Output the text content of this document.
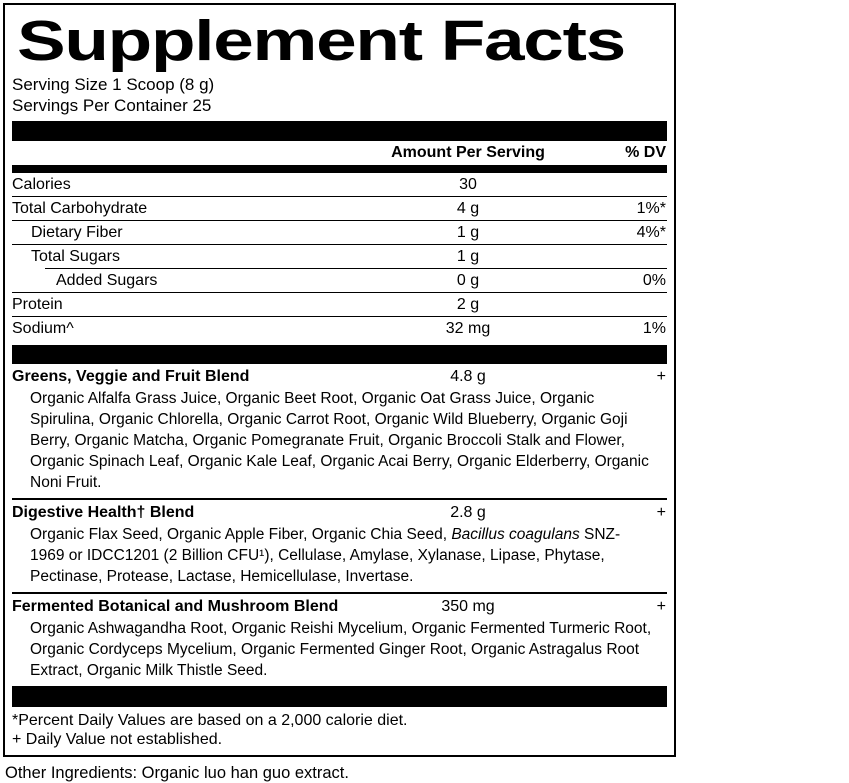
Supplement Facts
Serving Size 1 Scoop (8 g)
Servings Per Container 25
Amount Per Serving	% DV
Calories	30
Total Carbohydrate	4 g	1%*
Dietary Fiber	1 g	4%*
Total Sugars	1 g
Added Sugars	0 g	0%
Protein	2 g
Sodium^	32 mg	1%
Greens, Veggie and Fruit Blend	4.8 g	+
Organic Alfalfa Grass Juice, Organic Beet Root, Organic Oat Grass Juice, Organic Spirulina, Organic Chlorella, Organic Carrot Root, Organic Wild Blueberry, Organic Goji Berry, Organic Matcha, Organic Pomegranate Fruit, Organic Broccoli Stalk and Flower, Organic Spinach Leaf, Organic Kale Leaf, Organic Acai Berry, Organic Elderberry, Organic Noni Fruit.
Digestive Health† Blend	2.8 g	+
Organic Flax Seed, Organic Apple Fiber, Organic Chia Seed, Bacillus coagulans SNZ-1969 or IDCC1201 (2 Billion CFU¹), Cellulase, Amylase, Xylanase, Lipase, Phytase, Pectinase, Protease, Lactase, Hemicellulase, Invertase.
Fermented Botanical and Mushroom Blend	350 mg	+
Organic Ashwagandha Root, Organic Reishi Mycelium, Organic Fermented Turmeric Root, Organic Cordyceps Mycelium, Organic Fermented Ginger Root, Organic Astragalus Root Extract, Organic Milk Thistle Seed.
*Percent Daily Values are based on a 2,000 calorie diet.
+ Daily Value not established.
Other Ingredients: Organic luo han guo extract.
